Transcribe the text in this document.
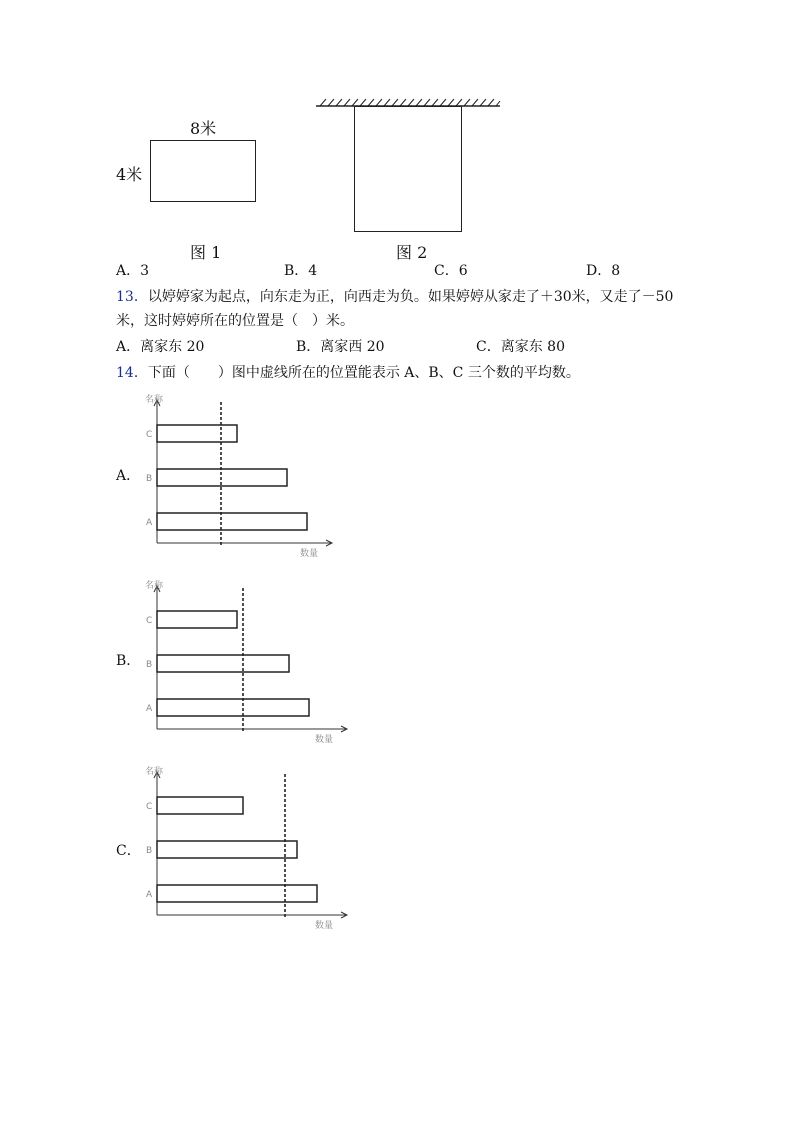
8米
4米
图 1	图 2
A．3	B．4	C．6	D．8
13．以婷婷家为起点，向东走为正，向西走为负。如果婷婷从家走了＋30米，又走了－50
米，这时婷婷所在的位置是（　）米。
A．离家东 20	B．离家西 20	C．离家东 80
14．下面（　　）图中虚线所在的位置能表示 A、B、C 三个数的平均数。
A．
B．
C．
名称
数量
C
B
A
名称
数量
C
B
A
名称
数量
C
B
A
